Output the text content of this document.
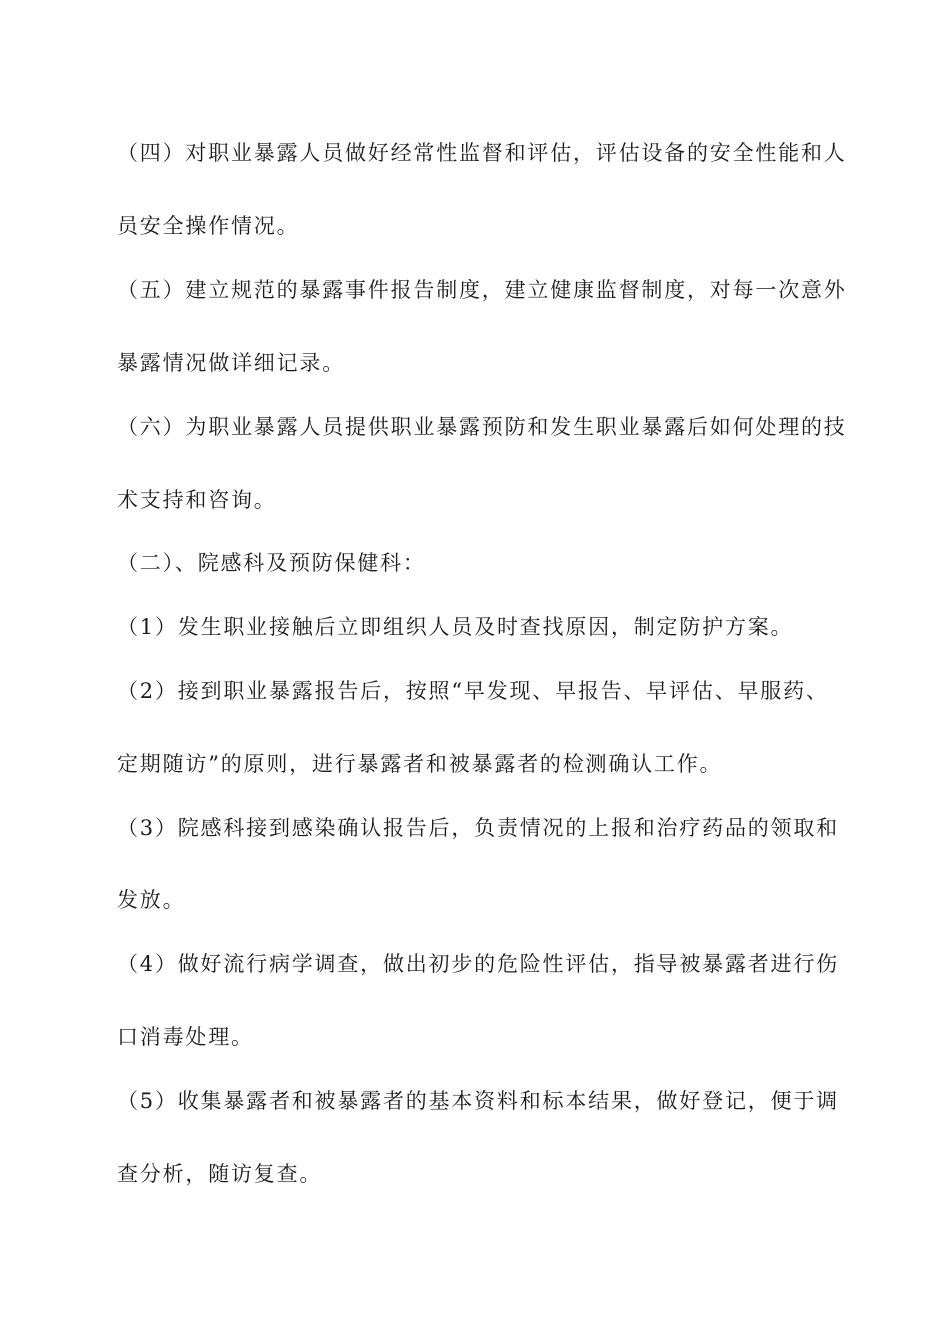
（四）对职业暴露人员做好经常性监督和评估，评估设备的安全性能和人
员安全操作情况。
（五）建立规范的暴露事件报告制度，建立健康监督制度，对每一次意外
暴露情况做详细记录。
（六）为职业暴露人员提供职业暴露预防和发生职业暴露后如何处理的技
术支持和咨询。
（二）、院感科及预防保健科：
（1）发生职业接触后立即组织人员及时查找原因，制定防护方案。
（2）接到职业暴露报告后，按照“早发现、早报告、早评估、早服药、
定期随访”的原则，进行暴露者和被暴露者的检测确认工作。
（3）院感科接到感染确认报告后，负责情况的上报和治疗药品的领取和
发放。
（4）做好流行病学调查，做出初步的危险性评估，指导被暴露者进行伤
口消毒处理。
（5）收集暴露者和被暴露者的基本资料和标本结果，做好登记，便于调
查分析，随访复查。
